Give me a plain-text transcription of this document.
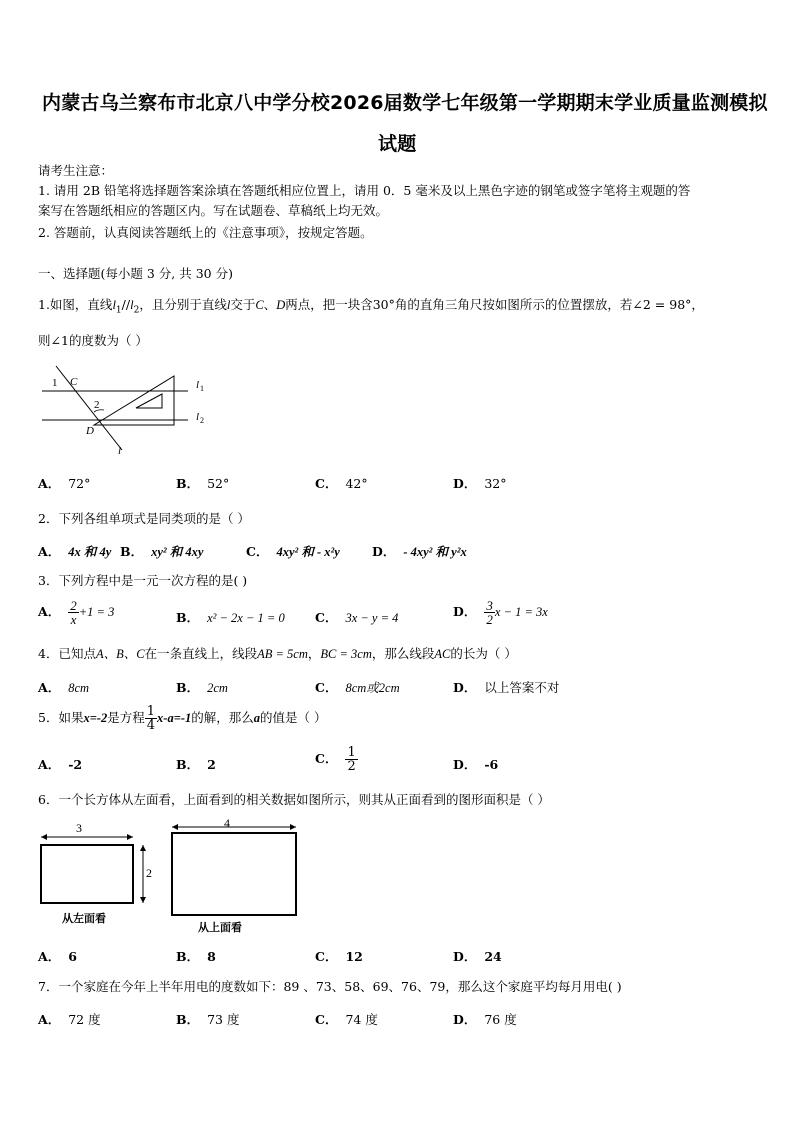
内蒙古乌兰察布市北京八中学分校2026届数学七年级第一学期期末学业质量监测模拟
试题
请考生注意：
1. 请用 2B 铅笔将选择题答案涂填在答题纸相应位置上，请用 0．5 毫米及以上黑色字迹的钢笔或签字笔将主观题的答
案写在答题纸相应的答题区内。写在试题卷、草稿纸上均无效。
2. 答题前，认真阅读答题纸上的《注意事项》，按规定答题。
一、选择题(每小题 3 分, 共 30 分)
1.如图，直线$l_1//l_2$，且分别于直线l交于C、D两点，把一块含30°角的直角三角尺按如图所示的位置摆放，若∠2 = 98°，
则∠1的度数为（ ）
1 C
2
D
l
l 1
l 2
A． 72°	B． 52°	C． 42°	D． 32°
2．下列各组单项式是同类项的是（ ）
A． 4x 和 4y B． xy² 和 4xy	C． 4xy² 和 - x²y	D． - 4xy² 和 y²x
3．下列方程中是一元一次方程的是( )
A． $\frac{2}{x} +1 = 3$	B． x² − 2x − 1 = 0 C． 3x − y = 4	D． $\frac{3}{2}$ x − 1 = 3x
4．已知点A、B、C在一条直线上，线段AB = 5cm，BC = 3cm，那么线段AC的长为（ ）
A． 8cm	B． 2cm	C． 8cm或2cm	D． 以上答案不对
5．如果x=-2是方程 $\frac{1}{4} x-a=-1$的解，那么a的值是（ ）
A． -2	B． 2	C． $\frac{1}{2}$	D． -6
6．一个长方体从左面看，上面看到的相关数据如图所示，则其从正面看到的图形面积是（ ）
3
2
从左面看
4
从上面看
A． 6	B． 8	C． 12	D． 24
7．一个家庭在今年上半年用电的度数如下：89 、73、58、69、76、79，那么这个家庭平均每月用电( )
A． 72 度	B． 73 度	C． 74 度	D． 76 度
